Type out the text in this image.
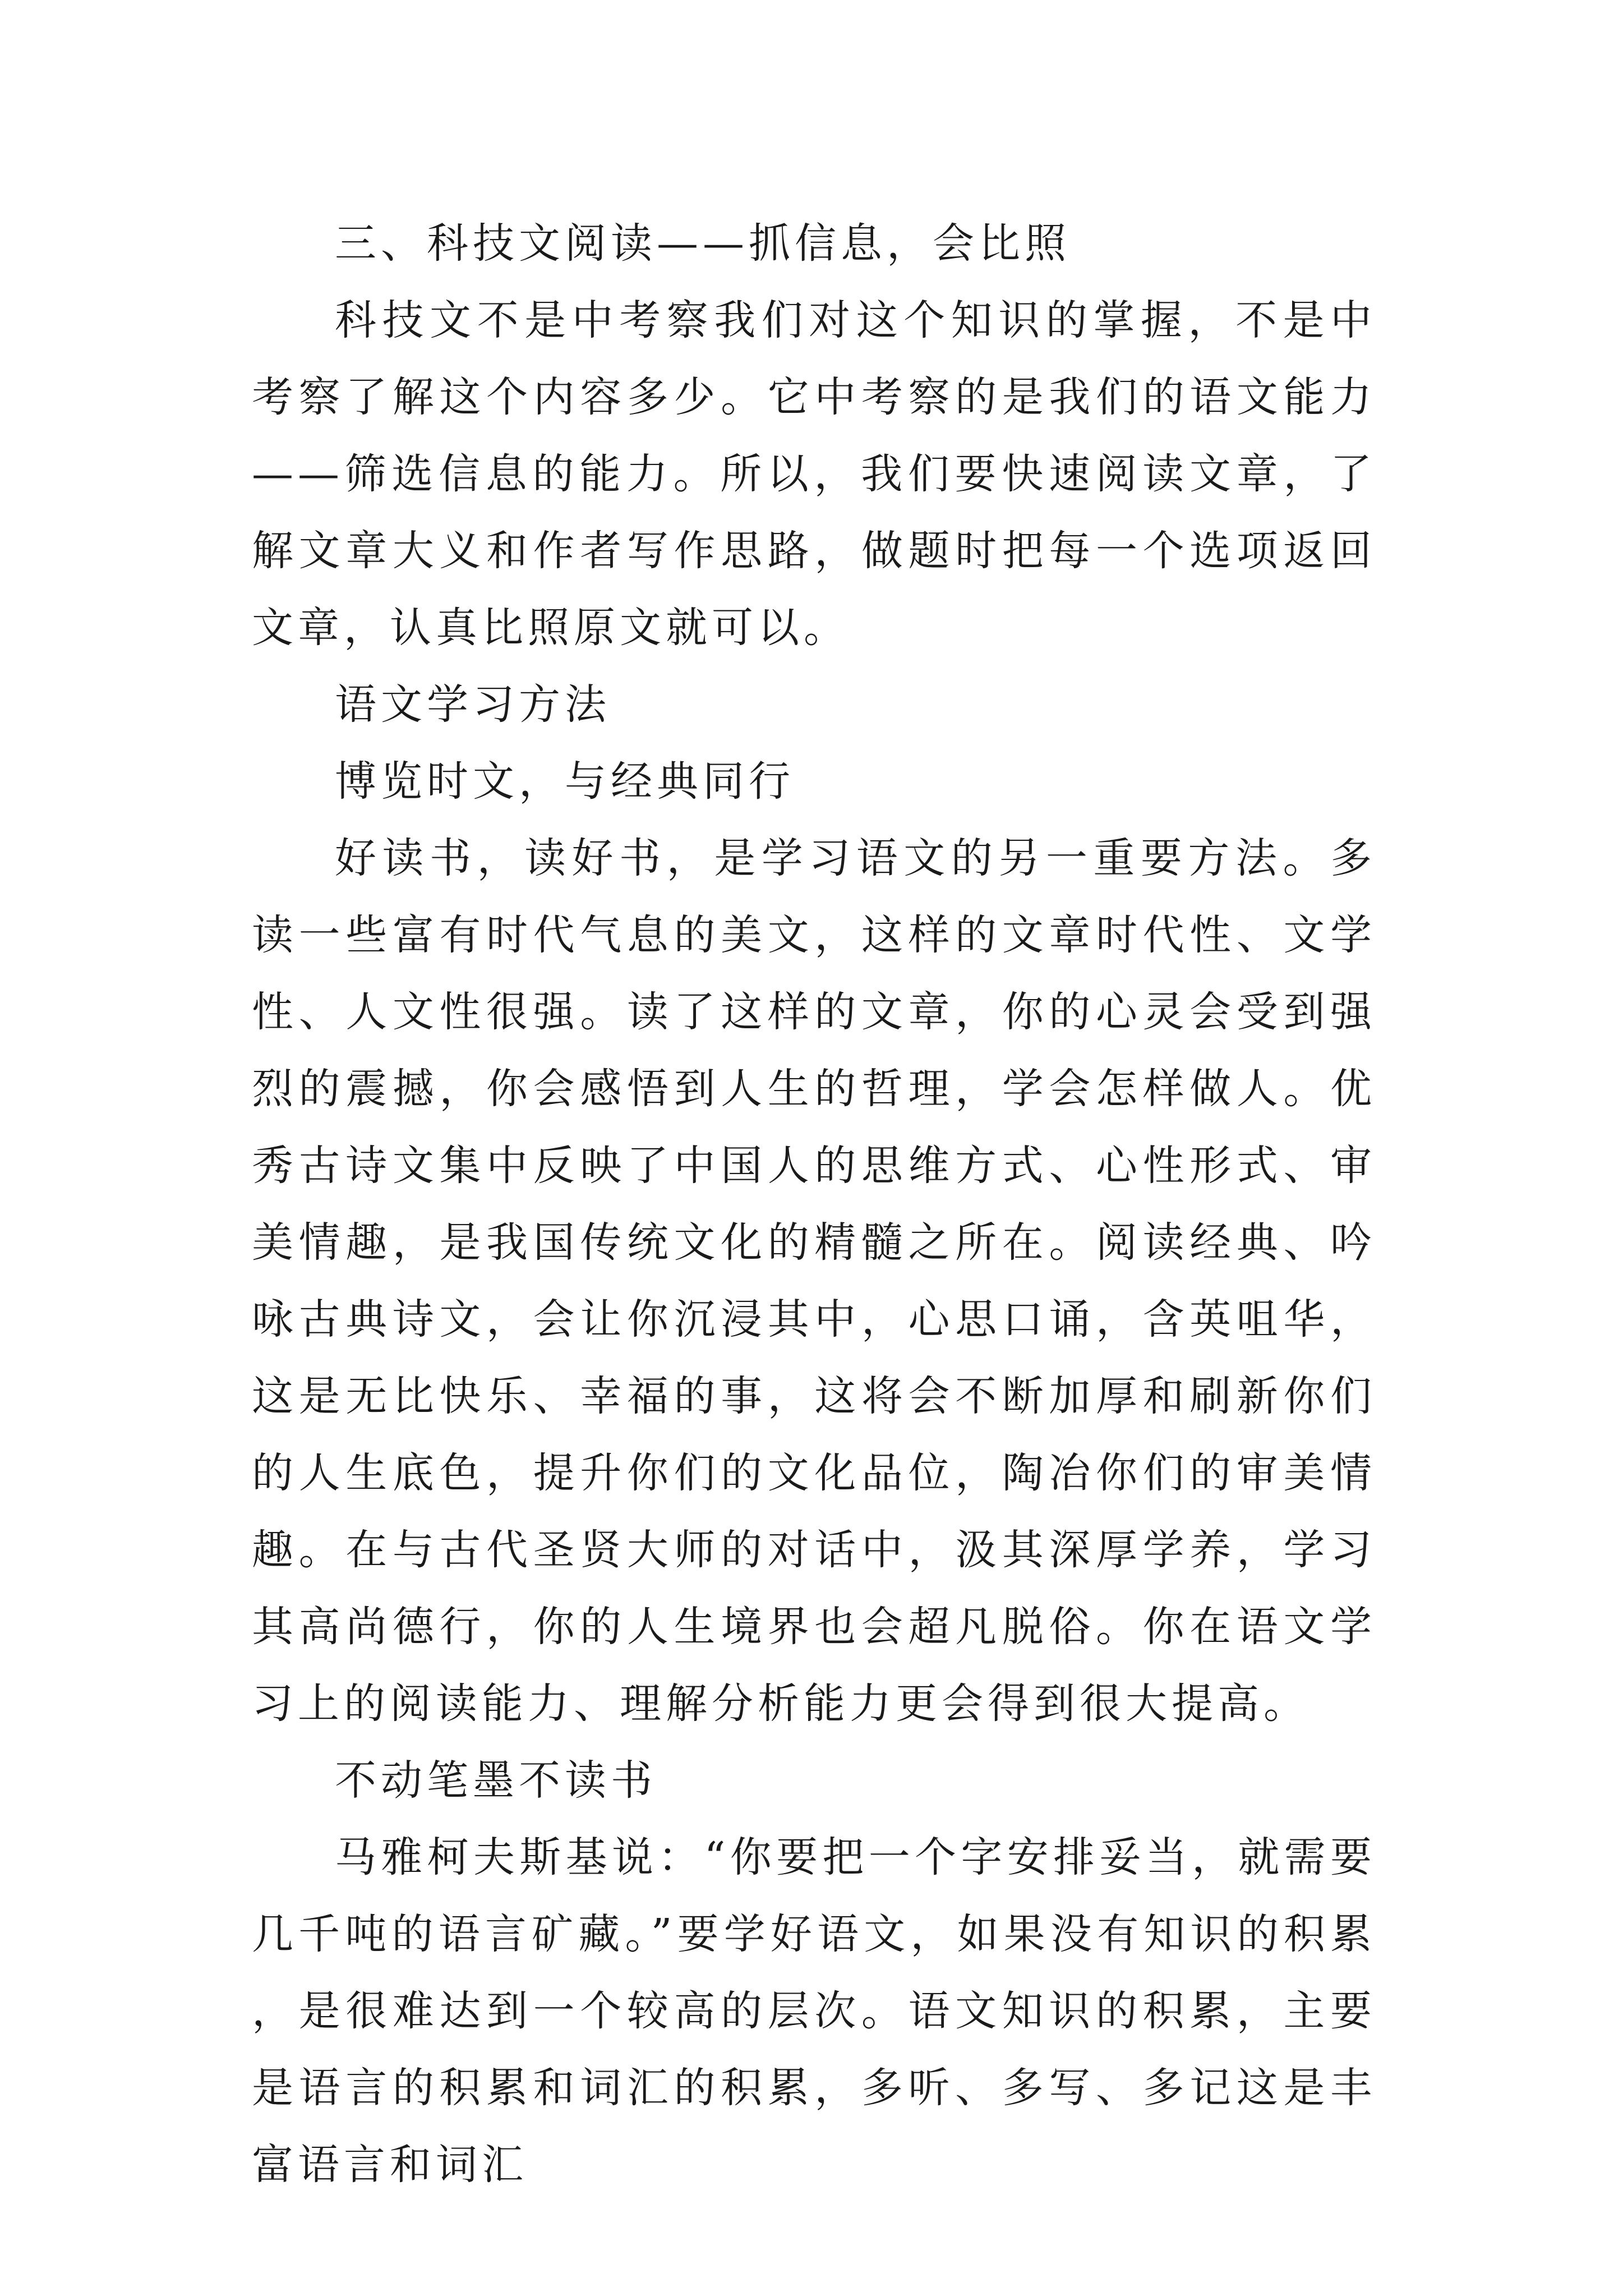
三、科技文阅读——抓信息，会比照

科技文不是中考察我们对这个知识的掌握，不是中考察了解这个内容多少。它中考察的是我们的语文能力——筛选信息的能力。所以，我们要快速阅读文章，了解文章大义和作者写作思路，做题时把每一个选项返回文章，认真比照原文就可以。

语文学习方法

博览时文，与经典同行

好读书，读好书，是学习语文的另一重要方法。多读一些富有时代气息的美文，这样的文章时代性、文学性、人文性很强。读了这样的文章，你的心灵会受到强烈的震撼，你会感悟到人生的哲理，学会怎样做人。优秀古诗文集中反映了中国人的思维方式、心性形式、审美情趣，是我国传统文化的精髓之所在。阅读经典、吟咏古典诗文，会让你沉浸其中，心思口诵，含英咀华，这是无比快乐、幸福的事，这将会不断加厚和刷新你们的人生底色，提升你们的文化品位，陶冶你们的审美情趣。在与古代圣贤大师的对话中，汲其深厚学养，学习其高尚德行，你的人生境界也会超凡脱俗。你在语文学习上的阅读能力、理解分析能力更会得到很大提高。

不动笔墨不读书

马雅柯夫斯基说：“你要把一个字安排妥当，就需要几千吨的语言矿藏。”要学好语文，如果没有知识的积累，是很难达到一个较高的层次。语文知识的积累，主要是语言的积累和词汇的积累，多听、多写、多记这是丰富语言和词汇
